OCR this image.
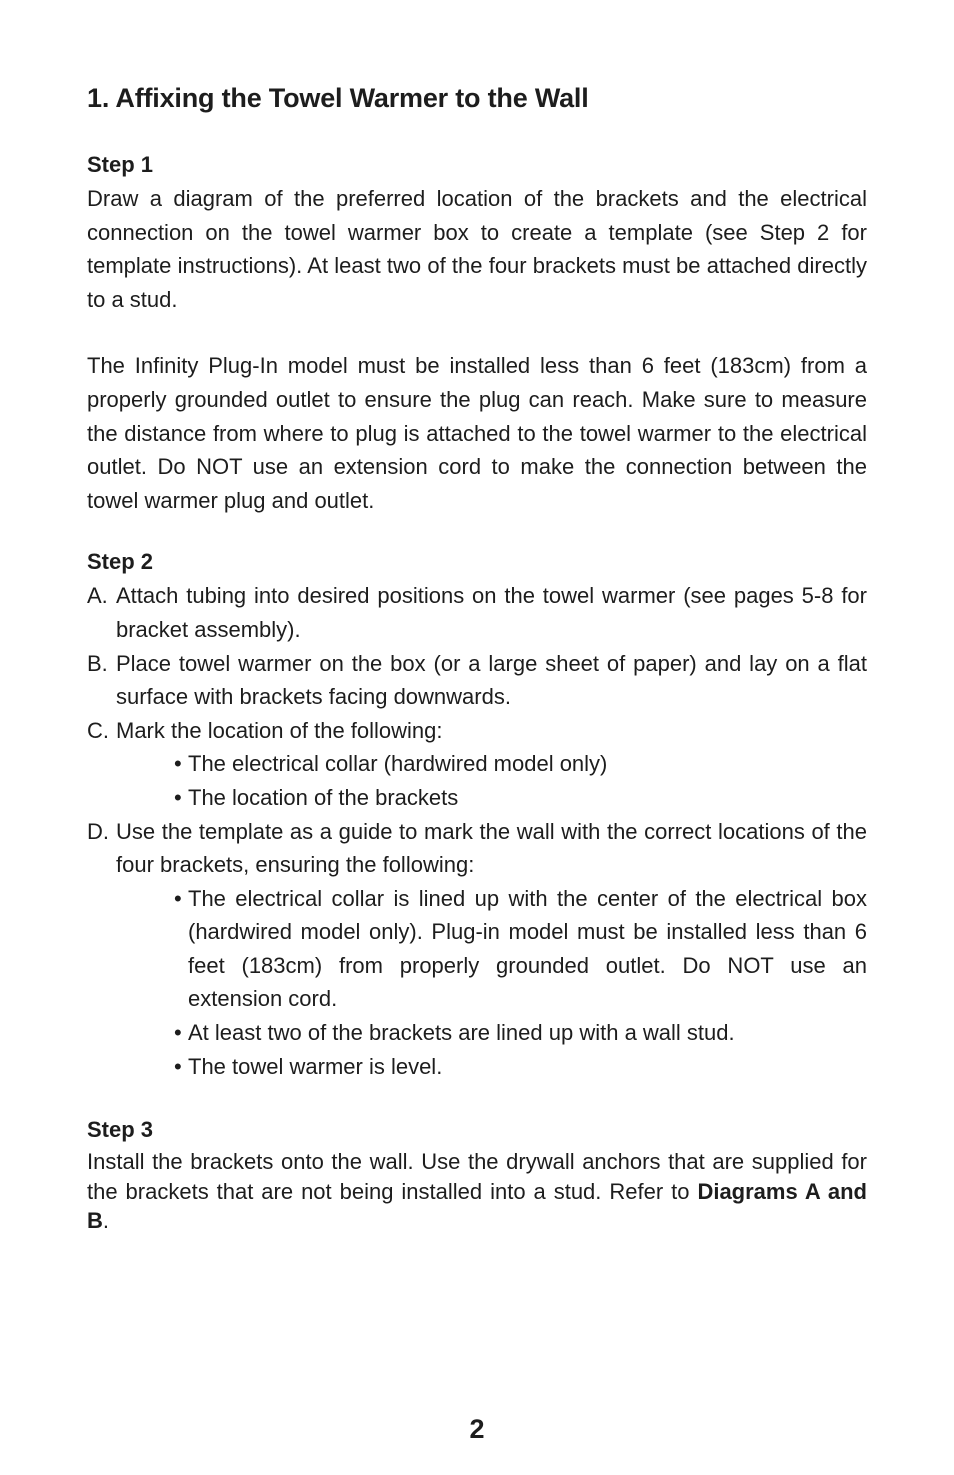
1. Affixing the Towel Warmer to the Wall
Step 1

Draw a diagram of the preferred location of the brackets and the electrical connection on the towel warmer box to create a template (see Step 2 for template instructions). At least two of the four brackets must be attached directly to a stud.

The Infinity Plug-In model must be installed less than 6 feet (183cm) from a properly grounded outlet to ensure the plug can reach. Make sure to measure the distance from where to plug is attached to the towel warmer to the electrical outlet. Do NOT use an extension cord to make the connection between the towel warmer plug and outlet.

Step 2
A. Attach tubing into desired positions on the towel warmer (see pages 5-8 for bracket assembly).
B. Place towel warmer on the box (or a large sheet of paper) and lay on a flat surface with brackets facing downwards.
C. Mark the location of the following:
• The electrical collar (hardwired model only)
• The location of the brackets
D. Use the template as a guide to mark the wall with the correct locations of the four brackets, ensuring the following:
• The electrical collar is lined up with the center of the electrical box (hardwired model only). Plug-in model must be installed less than 6 feet (183cm) from properly grounded outlet. Do NOT use an extension cord.
• At least two of the brackets are lined up with a wall stud.
• The towel warmer is level.
Step 3

Install the brackets onto the wall. Use the drywall anchors that are supplied for the brackets that are not being installed into a stud. Refer to Diagrams A and B.

2
